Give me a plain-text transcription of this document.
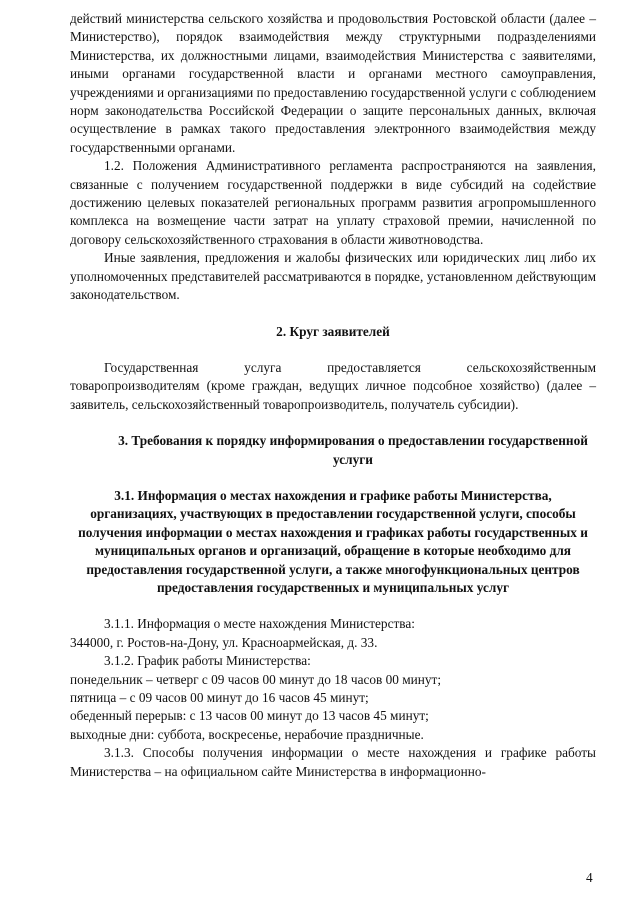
действий министерства сельского хозяйства и продовольствия Ростовской области (далее – Министерство), порядок взаимодействия между структурными подразделениями Министерства, их должностными лицами, взаимодействия Министерства с заявителями, иными органами государственной власти и органами местного самоуправления, учреждениями и организациями по предоставлению государственной услуги с соблюдением норм законодательства Российской Федерации о защите персональных данных, включая осуществление в рамках такого предоставления электронного взаимодействия между государственными органами.

1.2. Положения Административного регламента распространяются на заявления, связанные с получением государственной поддержки в виде субсидий на содействие достижению целевых показателей региональных программ развития агропромышленного комплекса на возмещение части затрат на уплату страховой премии, начисленной по договору сельскохозяйственного страхования в области животноводства.

Иные заявления, предложения и жалобы физических или юридических лиц либо их уполномоченных представителей рассматриваются в порядке, установленном действующим законодательством.

2. Круг заявителей

Государственная услуга предоставляется сельскохозяйственным товаропроизводителям (кроме граждан, ведущих личное подсобное хозяйство) (далее – заявитель, сельскохозяйственный товаропроизводитель, получатель субсидии).

3. Требования к порядку информирования о предоставлении государственной услуги

3.1. Информация о местах нахождения и графике работы Министерства, организациях, участвующих в предоставлении государственной услуги, способы получения информации о местах нахождения и графиках работы государственных и муниципальных органов и организаций, обращение в которые необходимо для предоставления государственной услуги, а также многофункциональных центров предоставления государственных и муниципальных услуг

3.1.1. Информация о месте нахождения Министерства:

344000, г. Ростов-на-Дону, ул. Красноармейская, д. 33.

3.1.2. График работы Министерства:

понедельник – четверг с 09 часов 00 минут до 18 часов 00 минут;

пятница – с 09 часов 00 минут до 16 часов 45 минут;

обеденный перерыв: с 13 часов 00 минут до 13 часов 45 минут;

выходные дни: суббота, воскресенье, нерабочие праздничные.

3.1.3. Способы получения информации о месте нахождения и графике работы Министерства – на официальном сайте Министерства в информационно-

4
